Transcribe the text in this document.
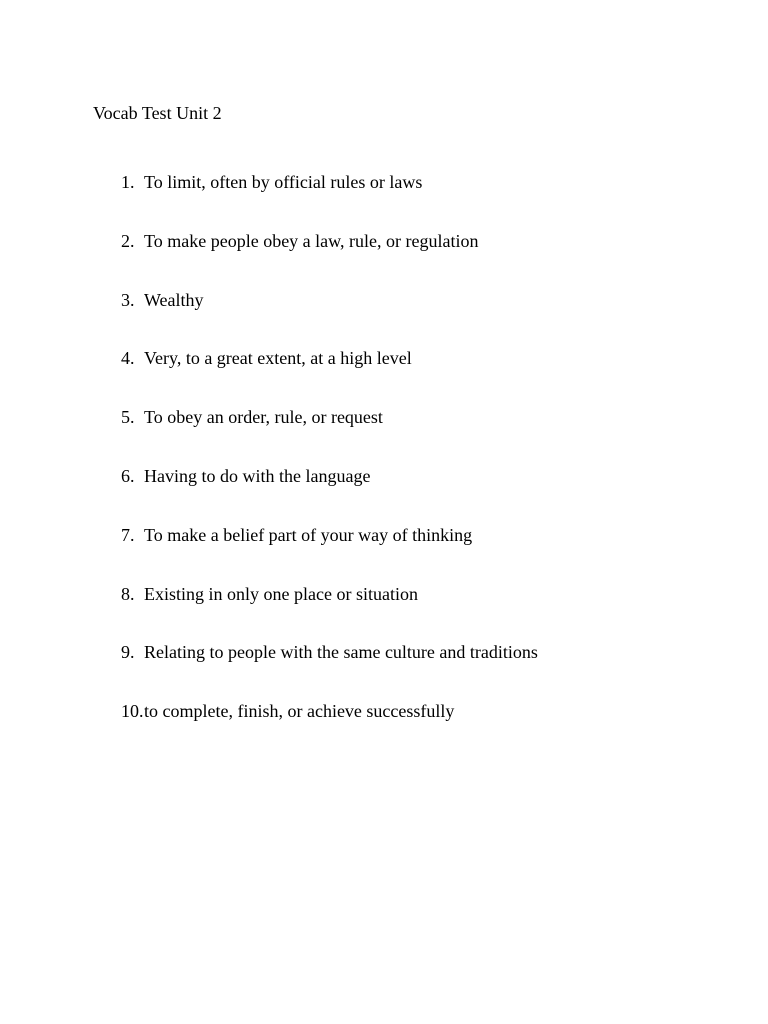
Vocab Test Unit 2
1. To limit, often by official rules or laws
2. To make people obey a law, rule, or regulation
3. Wealthy
4. Very, to a great extent, at a high level
5. To obey an order, rule, or request
6. Having to do with the language
7. To make a belief part of your way of thinking
8. Existing in only one place or situation
9. Relating to people with the same culture and traditions
10.to complete, finish, or achieve successfully
